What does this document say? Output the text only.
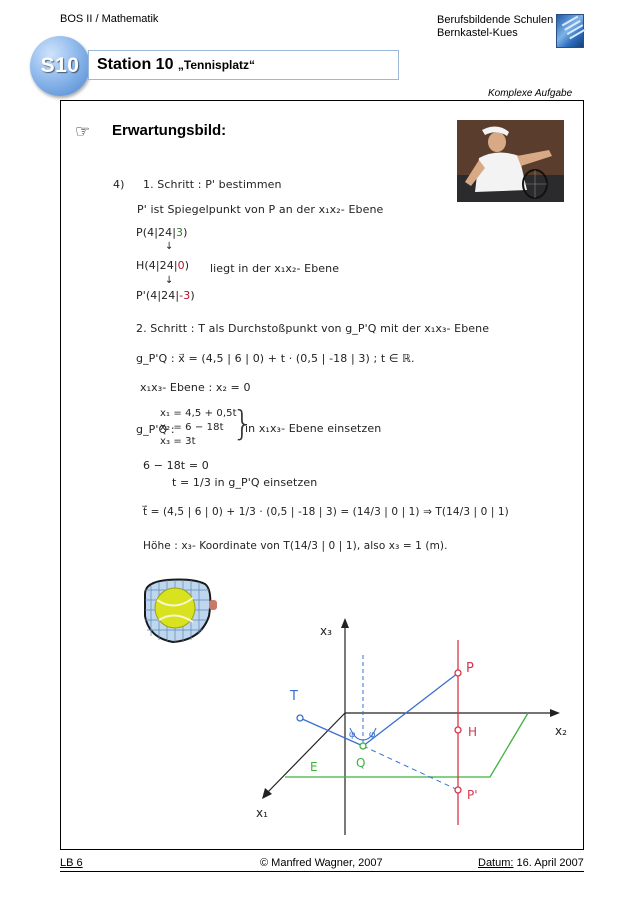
BOS II / Mathematik	Berufsbildende Schulen
Bernkastel-Kues
S10	Station 10 „Tennisplatz“
Komplexe Aufgabe
☞ Erwartungsbild:
4) 1. Schritt : P' bestimmen
P' ist Spiegelpunkt von P an der x₁x₂- Ebene
P(4|24|3)
↓
H(4|24|0) liegt in der x₁x₂- Ebene
↓
P'(4|24|-3)
2. Schritt : T als Durchstoßpunkt von g_P'Q mit der x₁x₃- Ebene
g_P'Q : x⃗ = (4,5 | 6 | 0) + t · (0,5 | -18 | 3) ; t ∈ ℝ.
x₁x₃- Ebene : x₂ = 0
g_P'Q :
x₁ = 4,5 + 0,5t
x₂ = 6 − 18t
x₃ = 3t }
in x₁x₃- Ebene einsetzen
6 − 18t = 0
t = 1/3 in g_P'Q einsetzen
t⃗ = (4,5 | 6 | 0) + 1/3 · (0,5 | -18 | 3) = (14/3 | 0 | 1) ⇒ T(14/3 | 0 | 1)
Höhe : x₃- Koordinate von T(14/3 | 0 | 1), also x₃ = 1 (m).
x₃
x₂
x₁
T
P
H
Q
P'
E
φ φ
LB 6	© Manfred Wagner, 2007	Datum: 16. April 2007
